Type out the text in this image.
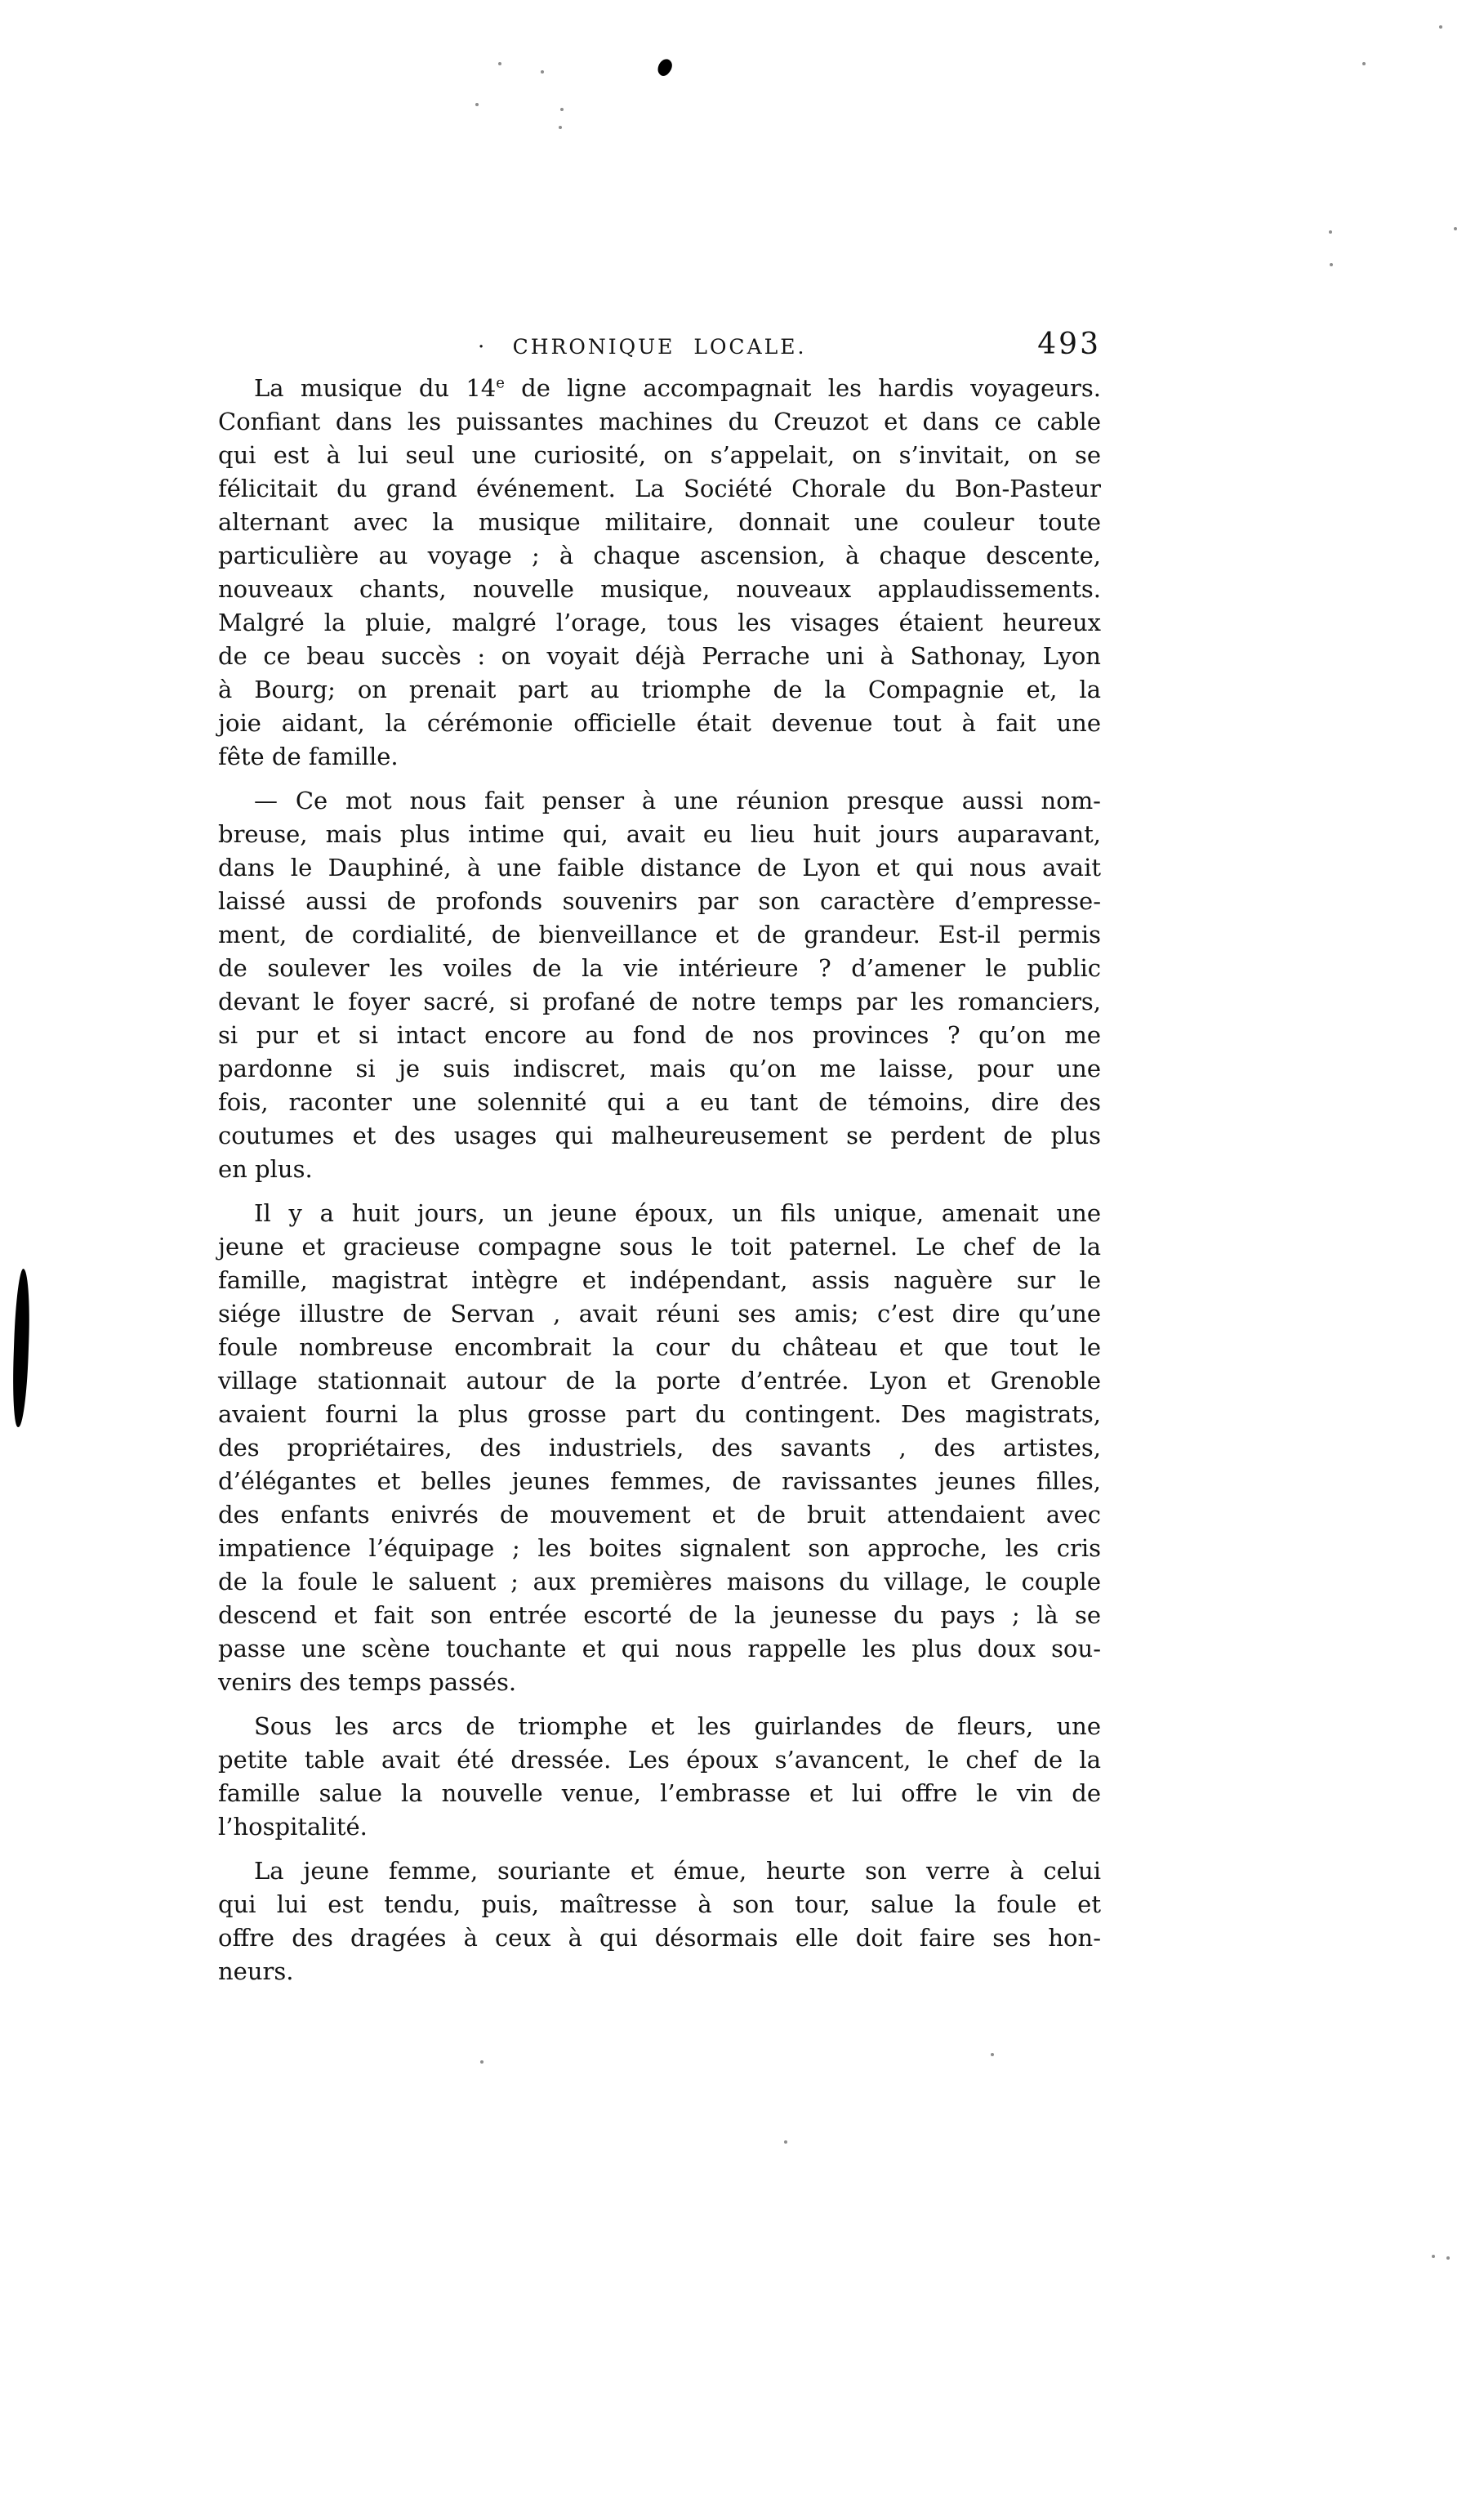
·	CHRONIQUE LOCALE.	493
La musique du 14e de ligne accompagnait les hardis voyageurs.
Confiant dans les puissantes machines du Creuzot et dans ce cable
qui est à lui seul une curiosité, on s’appelait, on s’invitait, on se
félicitait du grand événement. La Société Chorale du Bon-Pasteur
alternant avec la musique militaire, donnait une couleur toute
particulière au voyage ; à chaque ascension, à chaque descente,
nouveaux chants, nouvelle musique, nouveaux applaudissements.
Malgré la pluie, malgré l’orage, tous les visages étaient heureux
de ce beau succès : on voyait déjà Perrache uni à Sathonay, Lyon
à Bourg; on prenait part au triomphe de la Compagnie et, la
joie aidant, la cérémonie officielle était devenue tout à fait une
fête de famille.
— Ce mot nous fait penser à une réunion presque aussi nom-
breuse, mais plus intime qui, avait eu lieu huit jours auparavant,
dans le Dauphiné, à une faible distance de Lyon et qui nous avait
laissé aussi de profonds souvenirs par son caractère d’empresse-
ment, de cordialité, de bienveillance et de grandeur. Est-il permis
de soulever les voiles de la vie intérieure ? d’amener le public
devant le foyer sacré, si profané de notre temps par les romanciers,
si pur et si intact encore au fond de nos provinces ? qu’on me
pardonne si je suis indiscret, mais qu’on me laisse, pour une
fois, raconter une solennité qui a eu tant de témoins, dire des
coutumes et des usages qui malheureusement se perdent de plus
en plus.
Il y a huit jours, un jeune époux, un fils unique, amenait une
jeune et gracieuse compagne sous le toit paternel. Le chef de la
famille, magistrat intègre et indépendant, assis naguère sur le
siége illustre de Servan , avait réuni ses amis; c’est dire qu’une
foule nombreuse encombrait la cour du château et que tout le
village stationnait autour de la porte d’entrée. Lyon et Grenoble
avaient fourni la plus grosse part du contingent. Des magistrats,
des propriétaires, des industriels, des savants , des artistes,
d’élégantes et belles jeunes femmes, de ravissantes jeunes filles,
des enfants enivrés de mouvement et de bruit attendaient avec
impatience l’équipage ; les boites signalent son approche, les cris
de la foule le saluent ; aux premières maisons du village, le couple
descend et fait son entrée escorté de la jeunesse du pays ; là se
passe une scène touchante et qui nous rappelle les plus doux sou-
venirs des temps passés.
Sous les arcs de triomphe et les guirlandes de fleurs, une
petite table avait été dressée. Les époux s’avancent, le chef de la
famille salue la nouvelle venue, l’embrasse et lui offre le vin de
l’hospitalité.
La jeune femme, souriante et émue, heurte son verre à celui
qui lui est tendu, puis, maîtresse à son tour, salue la foule et
offre des dragées à ceux à qui désormais elle doit faire ses hon-
neurs.
